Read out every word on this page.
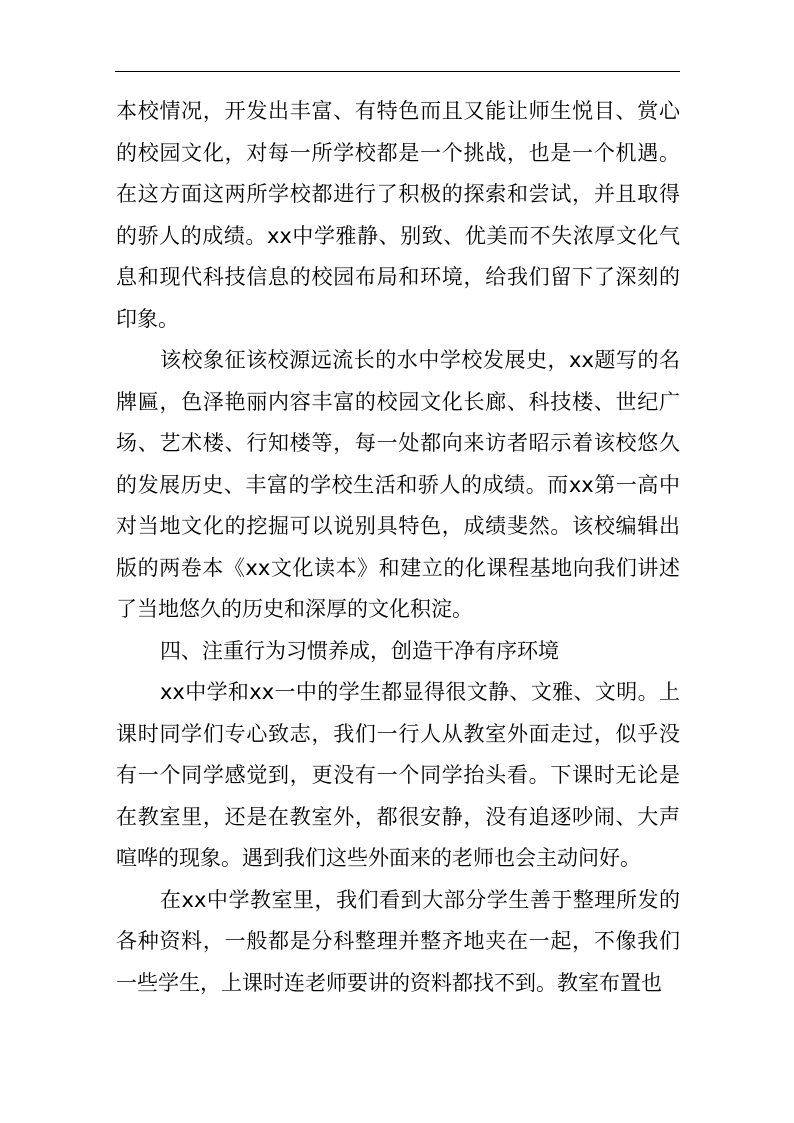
本校情况，开发出丰富、有特色而且又能让师生悦目、赏心的校园文化，对每一所学校都是一个挑战，也是一个机遇。在这方面这两所学校都进行了积极的探索和尝试，并且取得的骄人的成绩。xx中学雅静、别致、优美而不失浓厚文化气息和现代科技信息的校园布局和环境，给我们留下了深刻的印象。

该校象征该校源远流长的水中学校发展史，xx题写的名牌匾，色泽艳丽内容丰富的校园文化长廊、科技楼、世纪广场、艺术楼、行知楼等，每一处都向来访者昭示着该校悠久的发展历史、丰富的学校生活和骄人的成绩。而xx第一高中对当地文化的挖掘可以说别具特色，成绩斐然。该校编辑出版的两卷本《xx文化读本》和建立的化课程基地向我们讲述了当地悠久的历史和深厚的文化积淀。

四、注重行为习惯养成，创造干净有序环境

xx中学和xx一中的学生都显得很文静、文雅、文明。上课时同学们专心致志，我们一行人从教室外面走过，似乎没有一个同学感觉到，更没有一个同学抬头看。下课时无论是在教室里，还是在教室外，都很安静，没有追逐吵闹、大声喧哗的现象。遇到我们这些外面来的老师也会主动问好。

在xx中学教室里，我们看到大部分学生善于整理所发的各种资料，一般都是分科整理并整齐地夹在一起，不像我们一些学生，上课时连老师要讲的资料都找不到。教室布置也
